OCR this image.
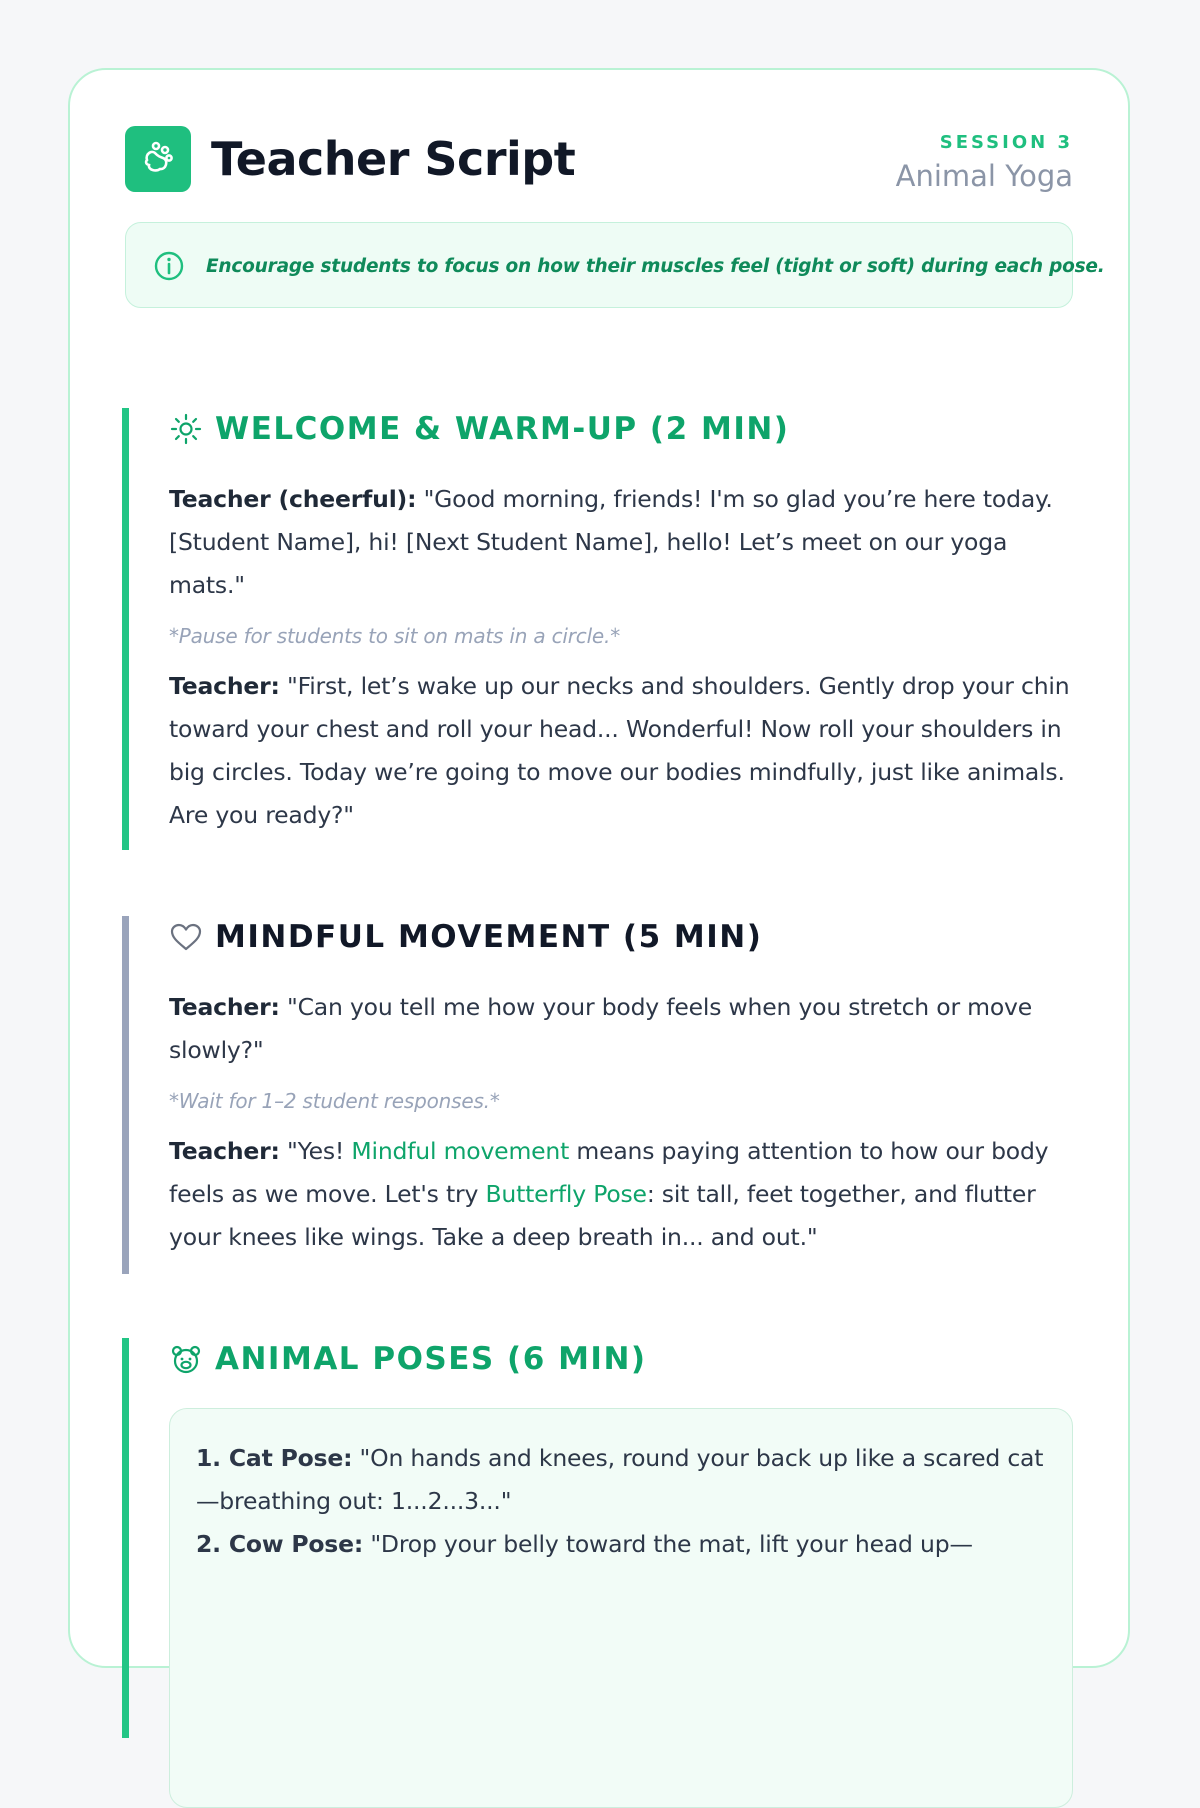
Teacher Script	SESSION 3
Animal Yoga
Encourage students to focus on how their muscles feel (tight or soft) during each pose.
WELCOME & WARM-UP (2 MIN)

Teacher (cheerful): "Good morning, friends! I'm so glad you’re here today. [Student Name], hi! [Next Student Name], hello! Let’s meet on our yoga mats."

*Pause for students to sit on mats in a circle.*

Teacher: "First, let’s wake up our necks and shoulders. Gently drop your chin toward your chest and roll your head... Wonderful! Now roll your shoulders in big circles. Today we’re going to move our bodies mindfully, just like animals. Are you ready?"

MINDFUL MOVEMENT (5 MIN)

Teacher: "Can you tell me how your body feels when you stretch or move slowly?"

*Wait for 1–2 student responses.*

Teacher: "Yes! Mindful movement means paying attention to how our body feels as we move. Let's try Butterfly Pose: sit tall, feet together, and flutter your knees like wings. Take a deep breath in... and out."

ANIMAL POSES (6 MIN)

1. Cat Pose: "On hands and knees, round your back up like a scared cat—breathing out: 1...2...3..."

2. Cow Pose: "Drop your belly toward the mat, lift your head up—
